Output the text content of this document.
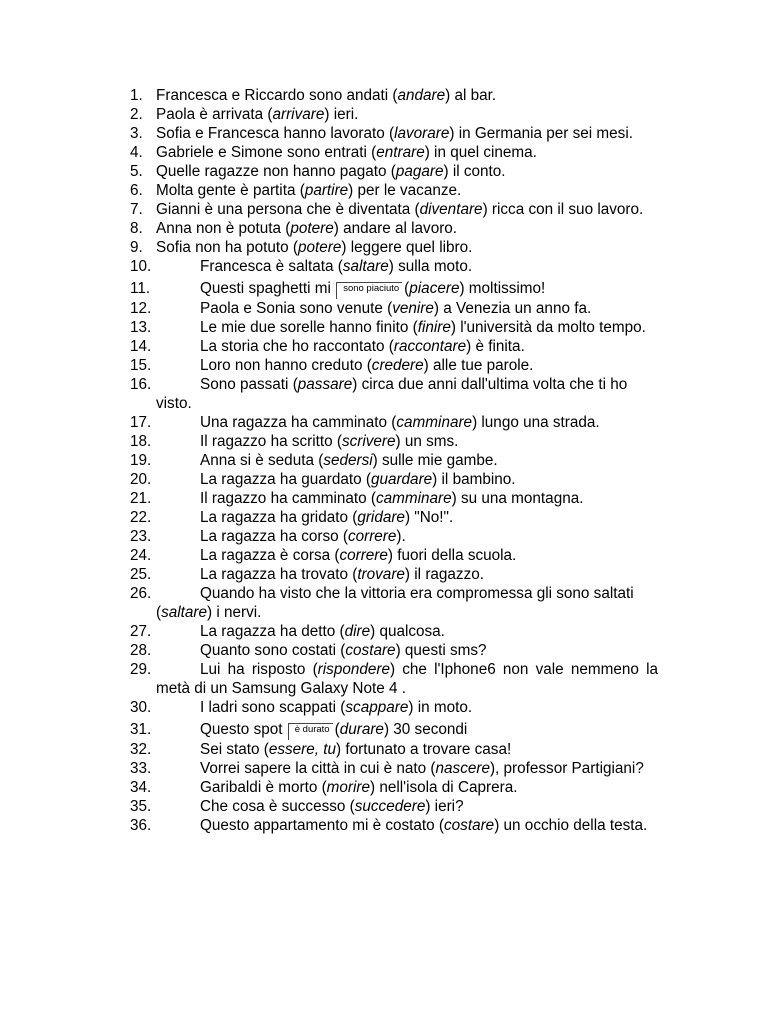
1. Francesca e Riccardo sono andati (andare) al bar.
2. Paola è arrivata (arrivare) ieri.
3. Sofia e Francesca hanno lavorato (lavorare) in Germania per sei mesi.
4. Gabriele e Simone sono entrati (entrare) in quel cinema.
5. Quelle ragazze non hanno pagato (pagare) il conto.
6. Molta gente è partita (partire) per le vacanze.
7. Gianni è una persona che è diventata (diventare) ricca con il suo lavoro.
8. Anna non è potuta (potere) andare al lavoro.
9. Sofia non ha potuto (potere) leggere quel libro.
10.	Francesca è saltata (saltare) sulla moto.
11.	Questi spaghetti mi sono piaciuto (piacere) moltissimo!
12.	Paola e Sonia sono venute (venire) a Venezia un anno fa.
13.	Le mie due sorelle hanno finito (finire) l'università da molto tempo.
14.	La storia che ho raccontato (raccontare) è finita.
15.	Loro non hanno creduto (credere) alle tue parole.
16.	Sono passati (passare) circa due anni dall'ultima volta che ti ho visto.
17.	Una ragazza ha camminato (camminare) lungo una strada.
18.	Il ragazzo ha scritto (scrivere) un sms.
19.	Anna si è seduta (sedersi) sulle mie gambe.
20.	La ragazza ha guardato (guardare) il bambino.
21.	Il ragazzo ha camminato (camminare) su una montagna.
22.	La ragazza ha gridato (gridare) "No!".
23.	La ragazza ha corso (correre).
24.	La ragazza è corsa (correre) fuori della scuola.
25.	La ragazza ha trovato (trovare) il ragazzo.
26.	Quando ha visto che la vittoria era compromessa gli sono saltati (saltare) i nervi.
27.	La ragazza ha detto (dire) qualcosa.
28.	Quanto sono costati (costare) questi sms?
29.	Lui ha risposto (rispondere) che l'Iphone6 non vale nemmeno la metà di un Samsung Galaxy Note 4 .
30.	I ladri sono scappati (scappare) in moto.
31.	Questo spot è durato (durare) 30 secondi
32.	Sei stato (essere, tu) fortunato a trovare casa!
33.	Vorrei sapere la città in cui è nato (nascere), professor Partigiani?
34.	Garibaldi è morto (morire) nell'isola di Caprera.
35.	Che cosa è successo (succedere) ieri?
36.	Questo appartamento mi è costato (costare) un occhio della testa.
